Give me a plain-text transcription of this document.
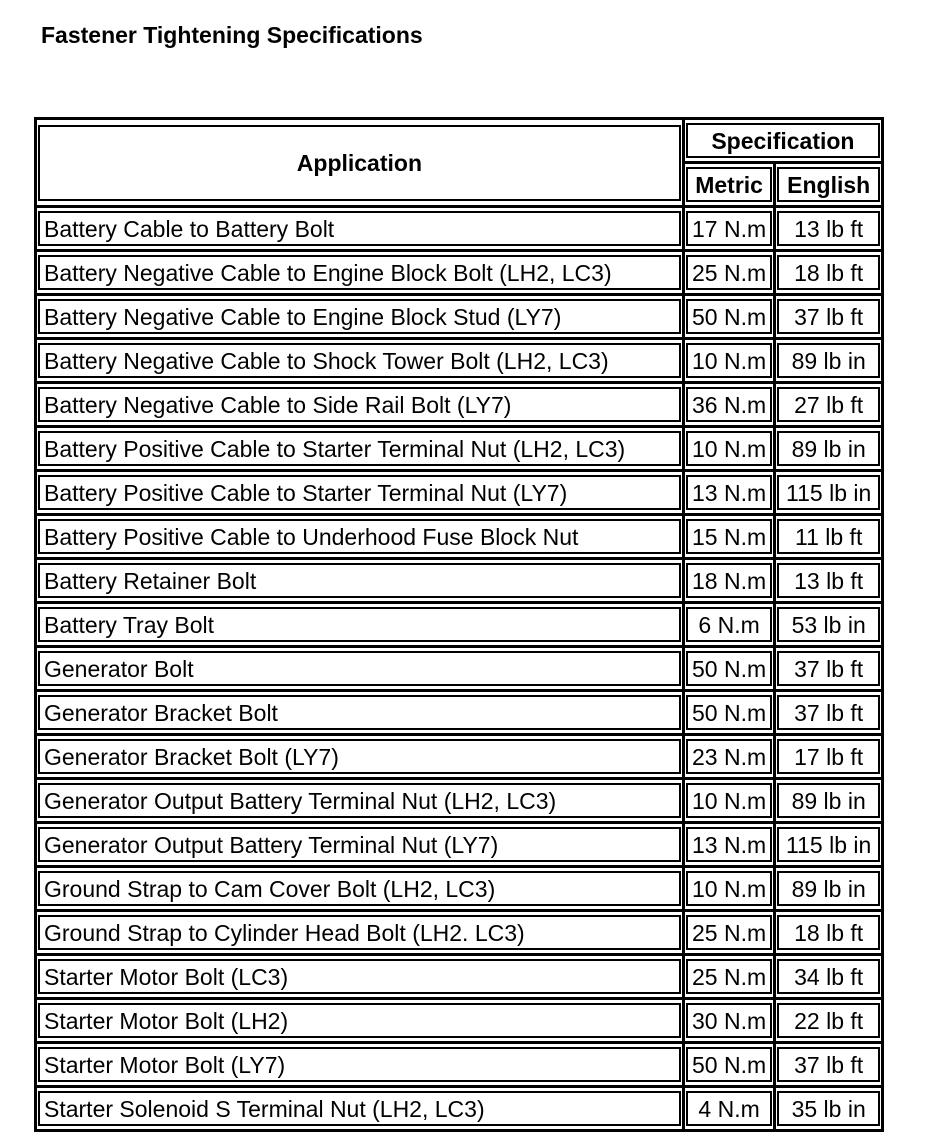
Fastener Tightening Specifications
Application	Specification	

	Metric	English

Battery Cable to Battery Bolt	17 N.m	13 lb ft

Battery Negative Cable to Engine Block Bolt (LH2, LC3)	25 N.m	18 lb ft

Battery Negative Cable to Engine Block Stud (LY7)	50 N.m	37 lb ft

Battery Negative Cable to Shock Tower Bolt (LH2, LC3)	10 N.m	89 lb in

Battery Negative Cable to Side Rail Bolt (LY7)	36 N.m	27 lb ft

Battery Positive Cable to Starter Terminal Nut (LH2, LC3)	10 N.m	89 lb in

Battery Positive Cable to Starter Terminal Nut (LY7)	13 N.m	115 lb in

Battery Positive Cable to Underhood Fuse Block Nut	15 N.m	11 lb ft

Battery Retainer Bolt	18 N.m	13 lb ft

Battery Tray Bolt	6 N.m	53 lb in

Generator Bolt	50 N.m	37 lb ft

Generator Bracket Bolt	50 N.m	37 lb ft

Generator Bracket Bolt (LY7)	23 N.m	17 lb ft

Generator Output Battery Terminal Nut (LH2, LC3)	10 N.m	89 lb in

Generator Output Battery Terminal Nut (LY7)	13 N.m	115 lb in

Ground Strap to Cam Cover Bolt (LH2, LC3)	10 N.m	89 lb in

Ground Strap to Cylinder Head Bolt (LH2. LC3)	25 N.m	18 lb ft

Starter Motor Bolt (LC3)	25 N.m	34 lb ft

Starter Motor Bolt (LH2)	30 N.m	22 lb ft

Starter Motor Bolt (LY7)	50 N.m	37 lb ft

Starter Solenoid S Terminal Nut (LH2, LC3)	4 N.m	35 lb in
